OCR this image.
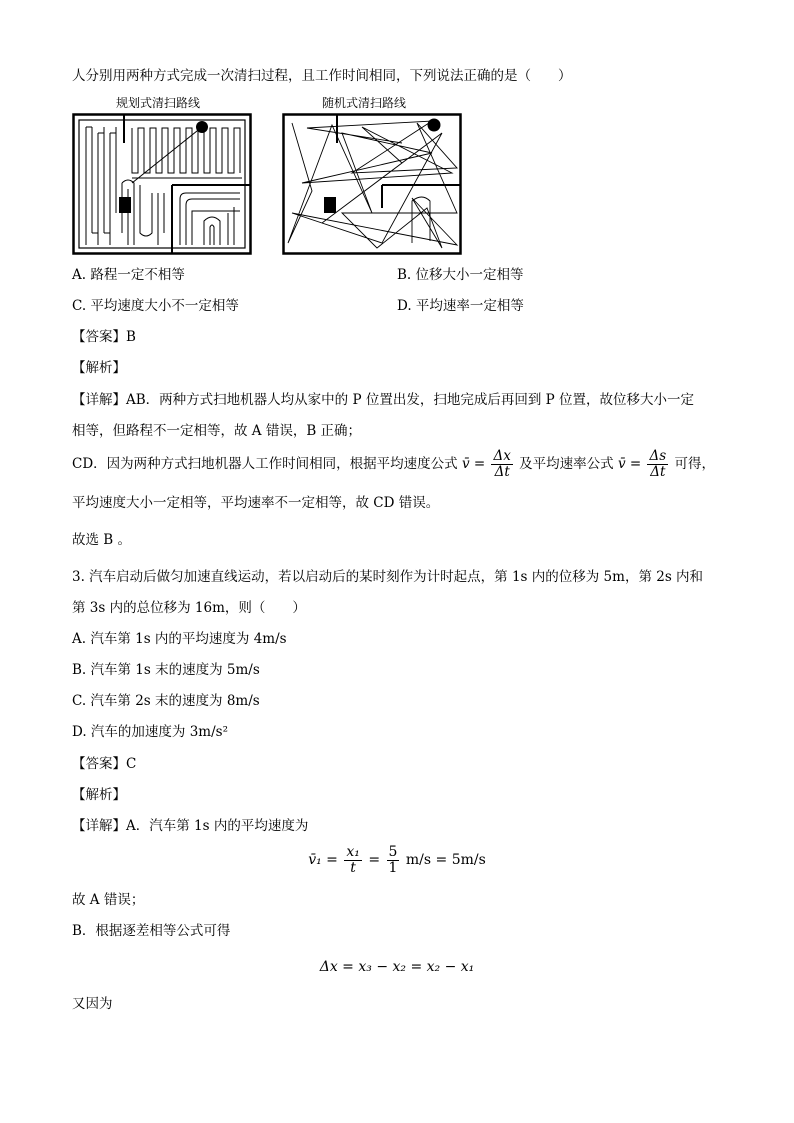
人分别用两种方式完成一次清扫过程，且工作时间相同，下列说法正确的是（　　）
规划式清扫路线	随机式清扫路线
A. 路程一定不相等	B. 位移大小一定相等
C. 平均速度大小不一定相等	D. 平均速率一定相等
【答案】B
【解析】
【详解】AB．两种方式扫地机器人均从家中的 P 位置出发，扫地完成后再回到 P 位置，故位移大小一定
相等，但路程不一定相等，故 A 错误，B 正确；
CD．因为两种方式扫地机器人工作时间相同，根据平均速度公式 v̄ = $\frac{\Delta x}{\Delta t}$ 及平均速率公式 v̄ = $\frac{\Delta s}{\Delta t}$ 可得，
平均速度大小一定相等，平均速率不一定相等，故 CD 错误。
故选 B 。
3. 汽车启动后做匀加速直线运动，若以启动后的某时刻作为计时起点，第 1s 内的位移为 5m，第 2s 内和
第 3s 内的总位移为 16m，则（　　）
A. 汽车第 1s 内的平均速度为 4m/s
B. 汽车第 1s 末的速度为 5m/s
C. 汽车第 2s 末的速度为 8m/s
D. 汽车的加速度为 3m/s²
【答案】C
【解析】
【详解】A．汽车第 1s 内的平均速度为
v̄₁ = $\frac{\text{x₁}}{t} = \frac{5}{1} m/s = 5m/s$
故 A 错误；
B．根据逐差相等公式可得
Δx = x₃ − x₂ = x₂ − x₁
又因为
